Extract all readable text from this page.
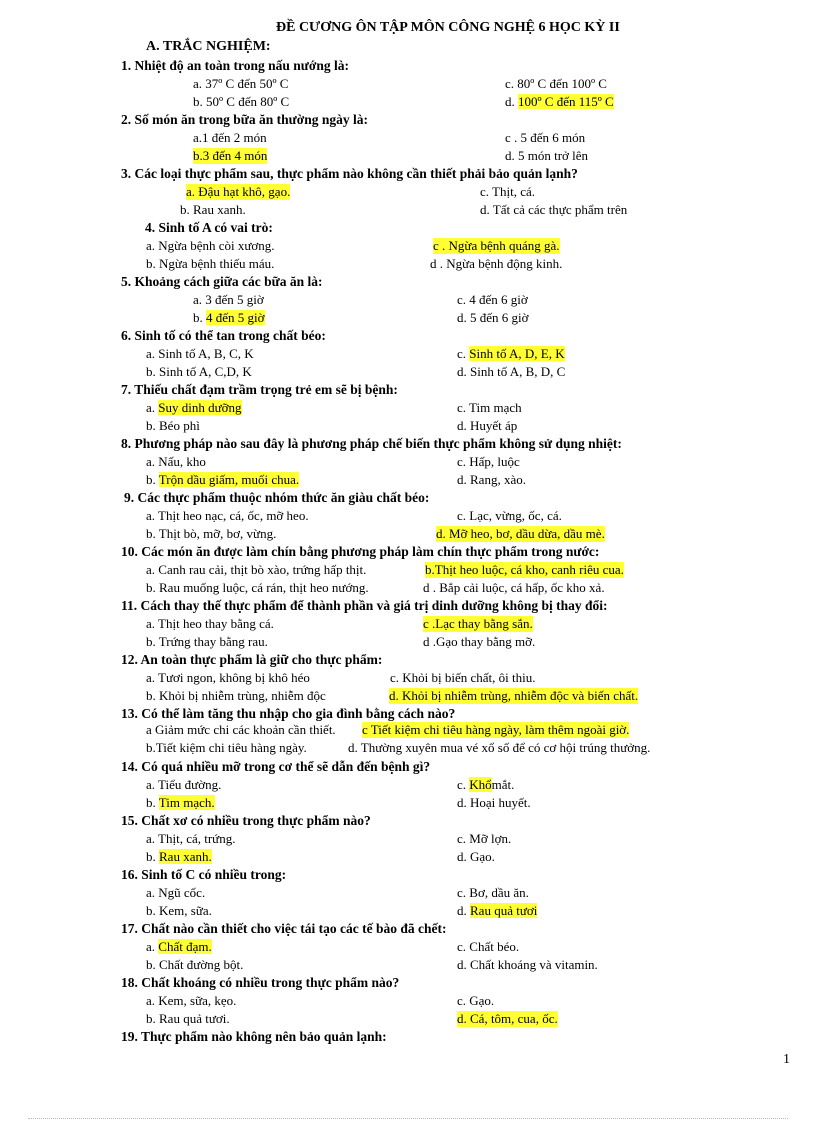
ĐỀ CƯƠNG ÔN TẬP MÔN CÔNG NGHỆ 6 HỌC KỲ II
A. TRẮC NGHIỆM:
1. Nhiệt độ an toàn trong nấu nướng là:
a. 37º C đến 50º C	c. 80º C đến 100º C
b. 50º C đến 80º C	d. 100º C đến 115º C
2. Số món ăn trong bữa ăn thường ngày là:
a.1 đến 2 món	c . 5 đến 6 món
b.3 đến 4 món	d. 5 món trở lên
3. Các loại thực phẩm sau, thực phẩm nào không cần thiết phải bảo quản lạnh?
a. Đậu hạt khô, gạo.	c. Thịt, cá.
b. Rau xanh.	d. Tất cả các thực phẩm trên
4. Sinh tố A có vai trò:
a. Ngừa bệnh còi xương.	c . Ngừa bệnh quáng gà.
b. Ngừa bệnh thiếu máu.	d . Ngừa bệnh động kinh.
5. Khoảng cách giữa các bữa ăn là:
a. 3 đến 5 giờ	c. 4 đến 6 giờ
b. 4 đến 5 giờ	d. 5 đến 6 giờ
6. Sinh tố có thể tan trong chất béo:
a. Sinh tố A, B, C, K	c. Sinh tố A, D, E, K
b. Sinh tố A, C,D, K	d. Sinh tố A, B, D, C
7. Thiếu chất đạm trầm trọng trẻ em sẽ bị bệnh:
a. Suy dinh dưỡng	c. Tim mạch
b. Béo phì	d. Huyết áp
8. Phương pháp nào sau đây là phương pháp chế biến thực phẩm không sử dụng nhiệt:
a. Nấu, kho	c. Hấp, luộc
b. Trộn dầu giấm, muối chua.	d. Rang, xào.
9. Các thực phẩm thuộc nhóm thức ăn giàu chất béo:
a. Thịt heo nạc, cá, ốc, mỡ heo.	c. Lạc, vừng, ốc, cá.
b. Thịt bò, mỡ, bơ, vừng.	d. Mỡ heo, bơ, dầu dừa, dầu mè.
10. Các món ăn được làm chín bằng phương pháp làm chín thực phẩm trong nước:
a. Canh rau cải, thịt bò xào, trứng hấp thịt.	b.Thịt heo luộc, cá kho, canh riêu cua.
b. Rau muống luộc, cá rán, thịt heo nướng.	d . Bắp cải luộc, cá hấp, ốc kho xả.
11. Cách thay thế thực phẩm để thành phần và giá trị dinh dưỡng không bị thay đổi:
a. Thịt heo thay bằng cá.	c .Lạc thay bằng sắn.
b. Trứng thay bằng rau.	d .Gạo thay bằng mỡ.
12. An toàn thực phẩm là giữ cho thực phẩm:
a. Tươi ngon, không bị khô héo	c. Khỏi bị biến chất, ôi thiu.
b. Khỏi bị nhiễm trùng, nhiễm độc	d. Khỏi bị nhiễm trùng, nhiễm độc và biến chất.
13. Có thể làm tăng thu nhập cho gia đình bằng cách nào?
a Giảm mức chi các khoản cần thiết. c Tiết kiệm chi tiêu hàng ngày, làm thêm ngoài giờ.
b.Tiết kiệm chi tiêu hàng ngày.	d. Thường xuyên mua vé xổ số để có cơ hội trúng thưởng.
14. Có quá nhiều mỡ trong cơ thể sẽ dẫn đến bệnh gì?
a. Tiểu đường.	c. Khổmắt.
b. Tim mạch.	d. Hoại huyết.
15. Chất xơ có nhiều trong thực phẩm nào?
a. Thịt, cá, trứng.	c. Mỡ lợn.
b. Rau xanh.	d. Gạo.
16. Sinh tố C có nhiều trong:
a. Ngũ cốc.	c. Bơ, dầu ăn.
b. Kem, sữa.	d. Rau quả tươi
17. Chất nào cần thiết cho việc tái tạo các tế bào đã chết:
a. Chất đạm.	c. Chất béo.
b. Chất đường bột.	d. Chất khoáng và vitamin.
18. Chất khoáng có nhiều trong thực phẩm nào?
a. Kem, sữa, kẹo.	c. Gạo.
b. Rau quả tươi.	d. Cá, tôm, cua, ốc.
19. Thực phẩm nào không nên bảo quản lạnh:
1
